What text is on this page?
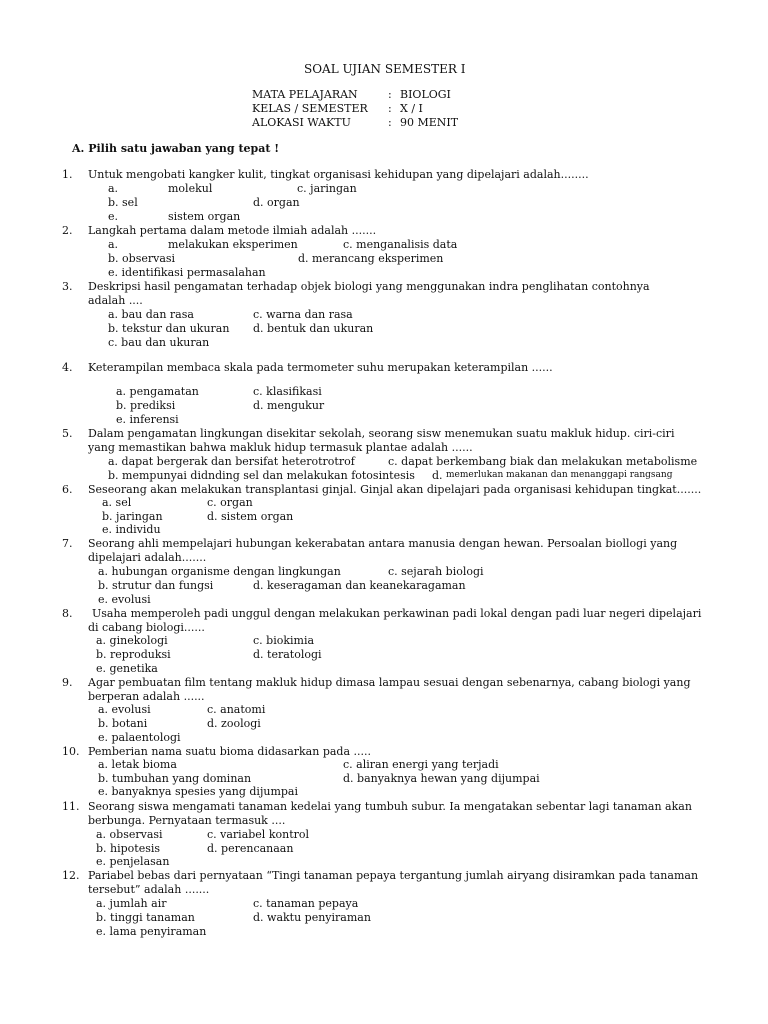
SOAL UJIAN SEMESTER I
MATA PELAJARAN	: BIOLOGI
KELAS / SEMESTER : X / I
ALOKASI WAKTU	: 90 MENIT
A. Pilih satu jawaban yang tepat !
1. Untuk mengobati kangker kulit, tingkat organisasi kehidupan yang dipelajari adalah........
a.	molekul	c. jaringan
b. sel	d. organ
e.	sistem organ
2. Langkah pertama dalam metode ilmiah adalah .......
a.	melakukan eksperimen	c. menganalisis data
b. observasi	d. merancang eksperimen
e. identifikasi permasalahan
3. Deskripsi hasil pengamatan terhadap objek biologi yang menggunakan indra penglihatan contohnya
adalah ....
a. bau dan rasa	c. warna dan rasa
b. tekstur dan ukuran d. bentuk dan ukuran
c. bau dan ukuran
4. Keterampilan membaca skala pada termometer suhu merupakan keterampilan ......
a. pengamatan	c. klasifikasi
b. prediksi	d. mengukur
e. inferensi
5. Dalam pengamatan lingkungan disekitar sekolah, seorang sisw menemukan suatu makluk hidup. ciri-ciri
yang memastikan bahwa makluk hidup termasuk plantae adalah ......
a. dapat bergerak dan bersifat heterotrotrof	c. dapat berkembang biak dan melakukan metabolisme
b. mempunyai didnding sel dan melakukan fotosintesis d. memerlukan makanan dan menanggapi rangsang
6. Seseorang akan melakukan transplantasi ginjal. Ginjal akan dipelajari pada organisasi kehidupan tingkat.......
a. sel	c. organ
b. jaringan	d. sistem organ
e. individu
7. Seorang ahli mempelajari hubungan kekerabatan antara manusia dengan hewan. Persoalan biollogi yang
dipelajari adalah.......
a. hubungan organisme dengan lingkungan	c. sejarah biologi
b. strutur dan fungsi	d. keseragaman dan keanekaragaman
e. evolusi
8. Usaha memperoleh padi unggul dengan melakukan perkawinan padi lokal dengan padi luar negeri dipelajari
di cabang biologi......
a. ginekologi	c. biokimia
b. reproduksi	d. teratologi
e. genetika
9. Agar pembuatan film tentang makluk hidup dimasa lampau sesuai dengan sebenarnya, cabang biologi yang
berperan adalah ......
a. evolusi	c. anatomi
b. botani	d. zoologi
e. palaentologi
10. Pemberian nama suatu bioma didasarkan pada .....
a. letak bioma	c. aliran energi yang terjadi
b. tumbuhan yang dominan	d. banyaknya hewan yang dijumpai
e. banyaknya spesies yang dijumpai
11. Seorang siswa mengamati tanaman kedelai yang tumbuh subur. Ia mengatakan sebentar lagi tanaman akan
berbunga. Pernyataan termasuk ....
a. observasi	c. variabel kontrol
b. hipotesis	d. perencanaan
e. penjelasan
12. Pariabel bebas dari pernyataan “Tingi tanaman pepaya tergantung jumlah airyang disiramkan pada tanaman
tersebut” adalah .......
a. jumlah air	c. tanaman pepaya
b. tinggi tanaman	d. waktu penyiraman
e. lama penyiraman
